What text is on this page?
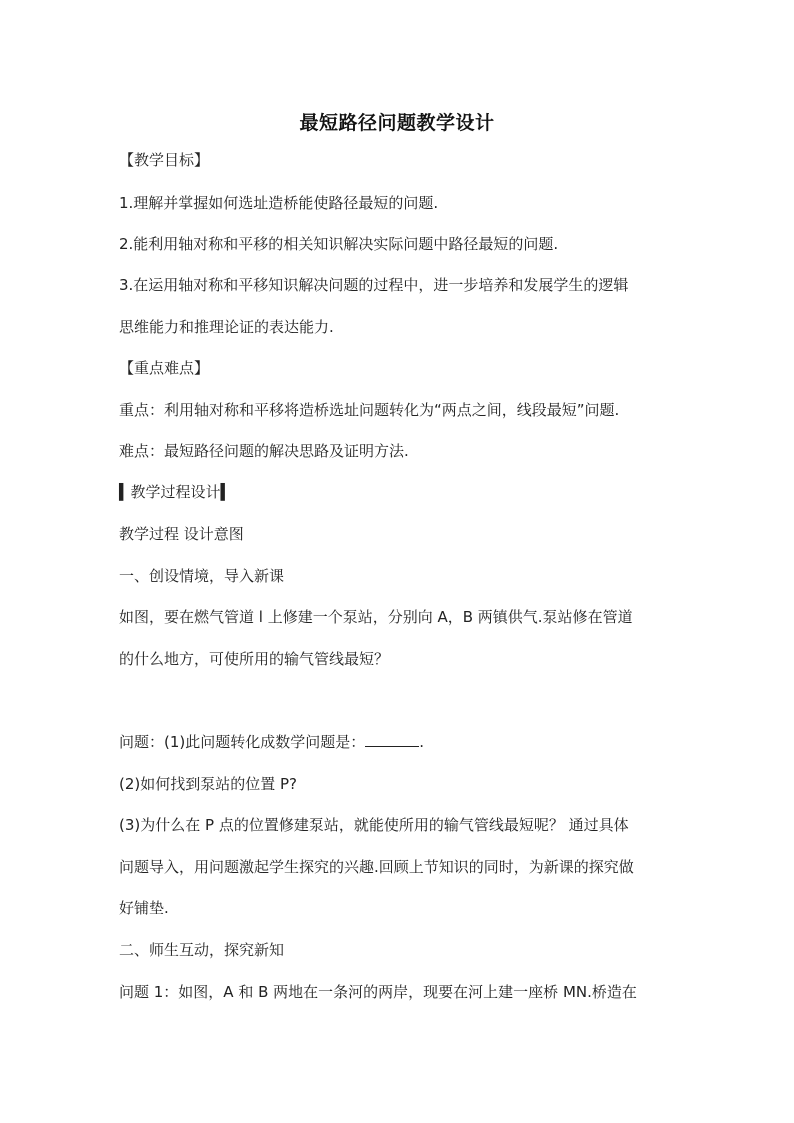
最短路径问题教学设计
【教学目标】
1.理解并掌握如何选址造桥能使路径最短的问题.
2.能利用轴对称和平移的相关知识解决实际问题中路径最短的问题.
3.在运用轴对称和平移知识解决问题的过程中，进一步培养和发展学生的逻辑
思维能力和推理论证的表达能力.
【重点难点】
重点：利用轴对称和平移将造桥选址问题转化为“两点之间，线段最短”问题.
难点：最短路径问题的解决思路及证明方法.
▍教学过程设计▍
教学过程 设计意图
一、创设情境，导入新课
如图，要在燃气管道 l 上修建一个泵站，分别向 A，B 两镇供气.泵站修在管道
的什么地方，可使所用的输气管线最短？
问题：(1)此问题转化成数学问题是：	.
(2)如何找到泵站的位置 P?
(3)为什么在 P 点的位置修建泵站，就能使所用的输气管线最短呢？ 通过具体
问题导入，用问题激起学生探究的兴趣.回顾上节知识的同时，为新课的探究做
好铺垫.
二、师生互动，探究新知
问题 1：如图，A 和 B 两地在一条河的两岸，现要在河上建一座桥 MN.桥造在
